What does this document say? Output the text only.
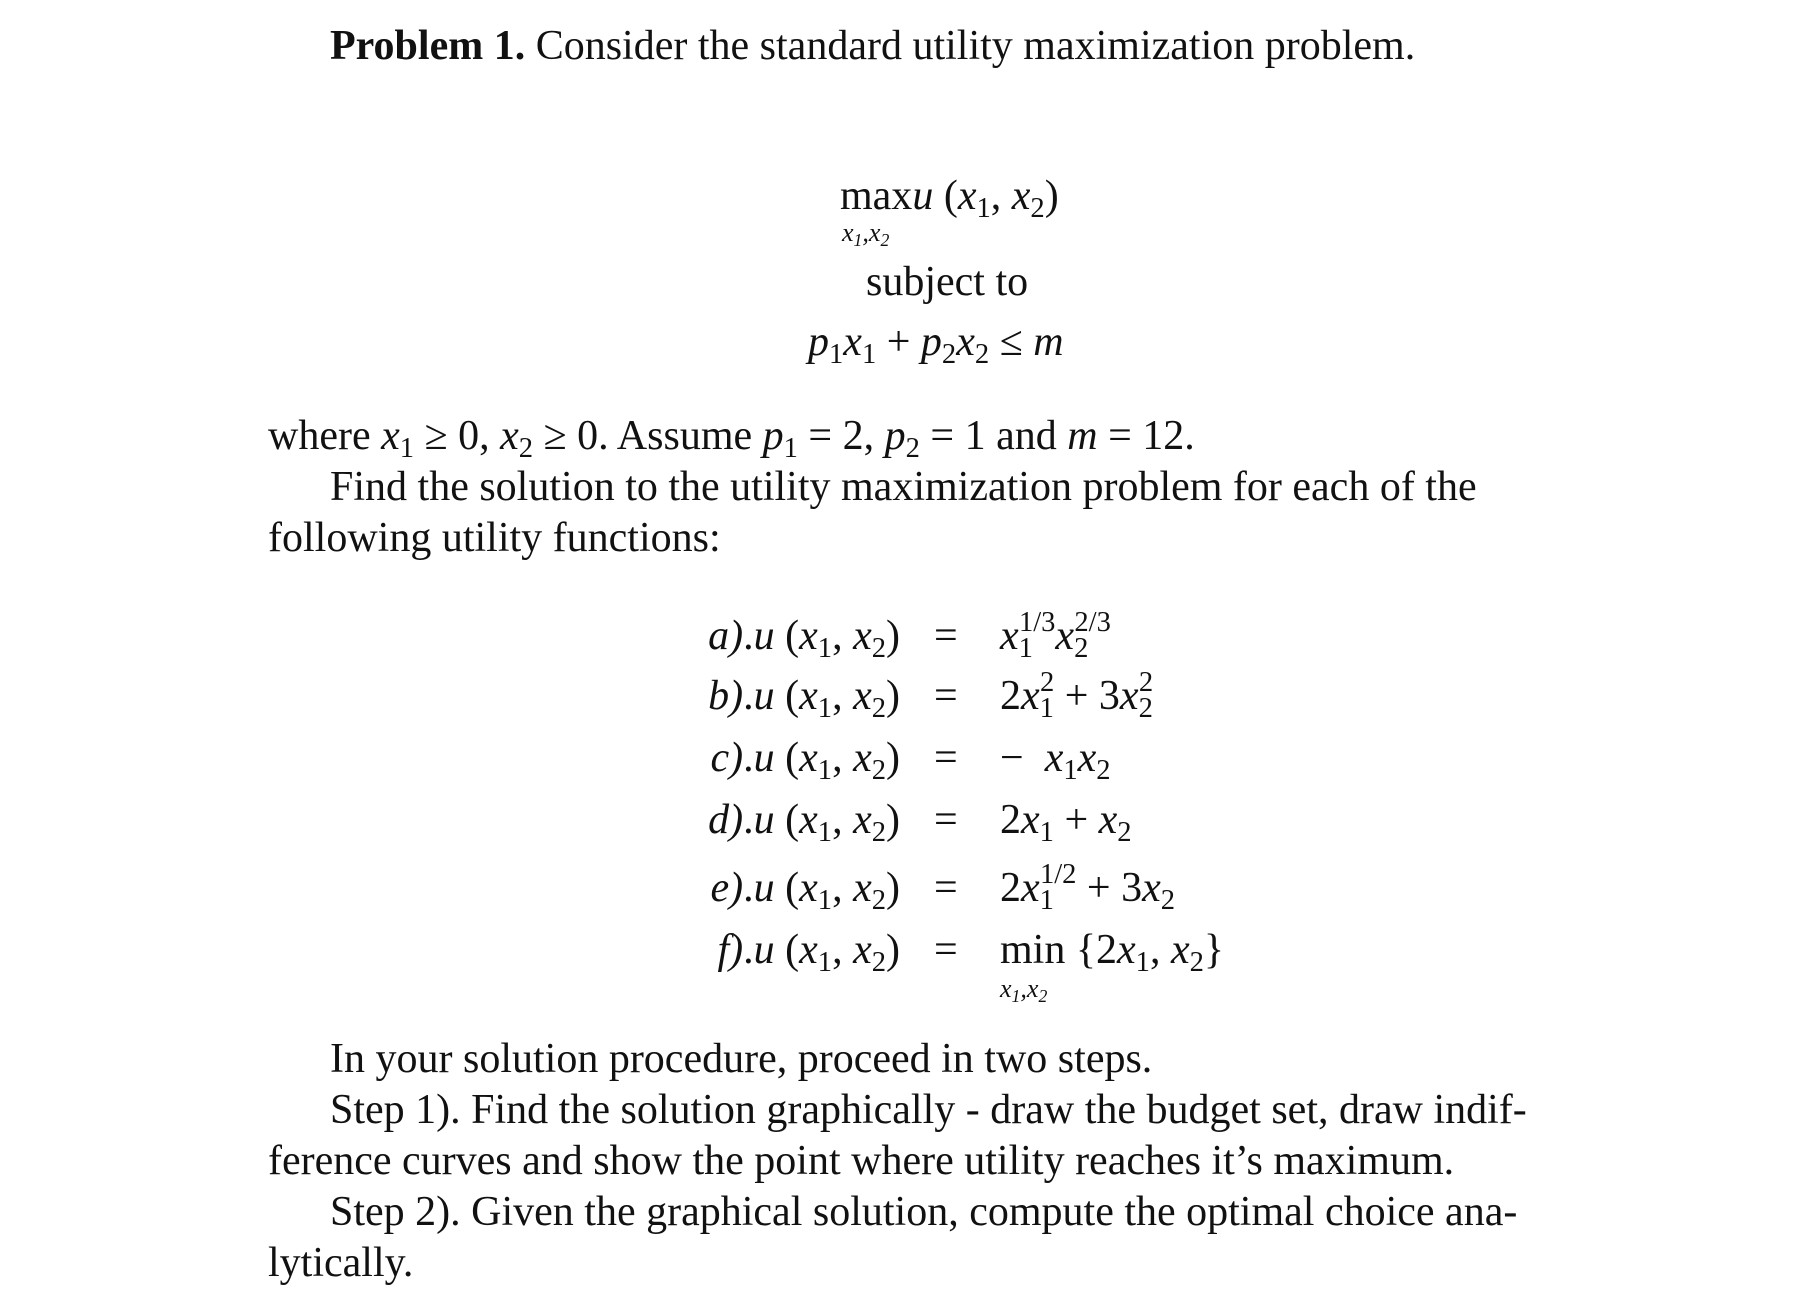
Problem 1. Consider the standard utility maximization problem.
maxu ($x_1$, $x_2$)
$x_1,x_2$
subject to
$p_1x_1 + p_2x_2 \le m$
where $x_1 \ge 0$, $x_2 \ge 0$. Assume $p_1 = 2$, $p_2 = 1$ and m = 12.
Find the solution to the utility maximization problem for each of the
following utility functions:
a).u ($x_1$, $x_2) = x_1^{1/3}x_2^{2/3}$
b).u ($x_1$, $x_2) = 2x_1^2 + 3x_2^2$
c).u ($x_1$, $x_2$) = −  $x_1x_2$
d).u ($x_1$, $x_2) = 2x_1 + x_2$
e).u ($x_1$, $x_2) = 2x_1^{1/2} + 3x_2$
f).u ($x_1$, $x_2) = \min \{2x_1$, $x_2$}
$x_1,x_2$
In your solution procedure, proceed in two steps.
Step 1). Find the solution graphically - draw the budget set, draw indif-
ference curves and show the point where utility reaches it’s maximum.
Step 2). Given the graphical solution, compute the optimal choice ana-
lytically.
